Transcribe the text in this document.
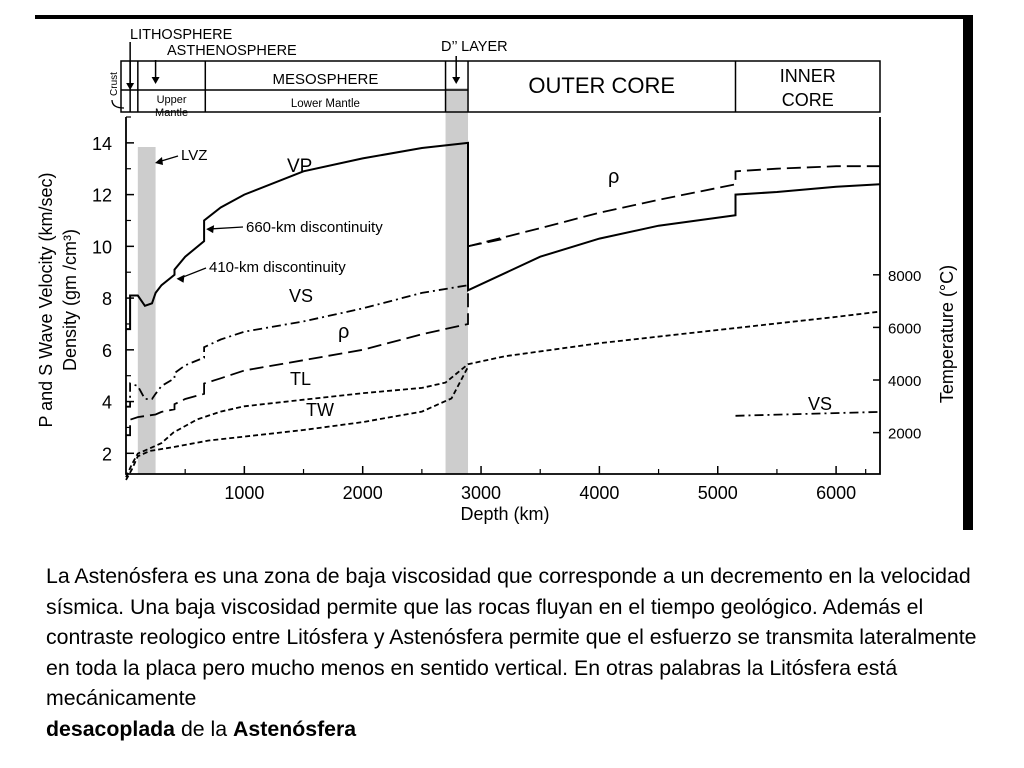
LITHOSPHERE
ASTHENOSPHERE
MESOSPHERE
D’’ LAYER
OUTER CORE	INNER
CORE
Upper
Mantle
Lower Mantle
Crust
1000	2000	3000	4000	5000	6000
2
4
6
8
10
12
14
2000
4000
6000
8000
VP
VS
ρ
ρ
TL
TW	VS
LVZ
660-km discontinuity
410-km discontinuity
Depth (km)
P and S Wave Velocity (km/sec) Density (gm /cm³)	Temperature (°C)

La Astenósfera es una zona de baja viscosidad que corresponde a un decremento en la velocidad sísmica. Una baja viscosidad permite que las rocas fluyan en el tiempo geológico. Además el contraste reologico entre Litósfera y Astenósfera permite que el esfuerzo se transmita lateralmente en toda la placa pero mucho menos en sentido vertical. En otras palabras la Litósfera está mecánicamente
desacoplada de la Astenósfera
